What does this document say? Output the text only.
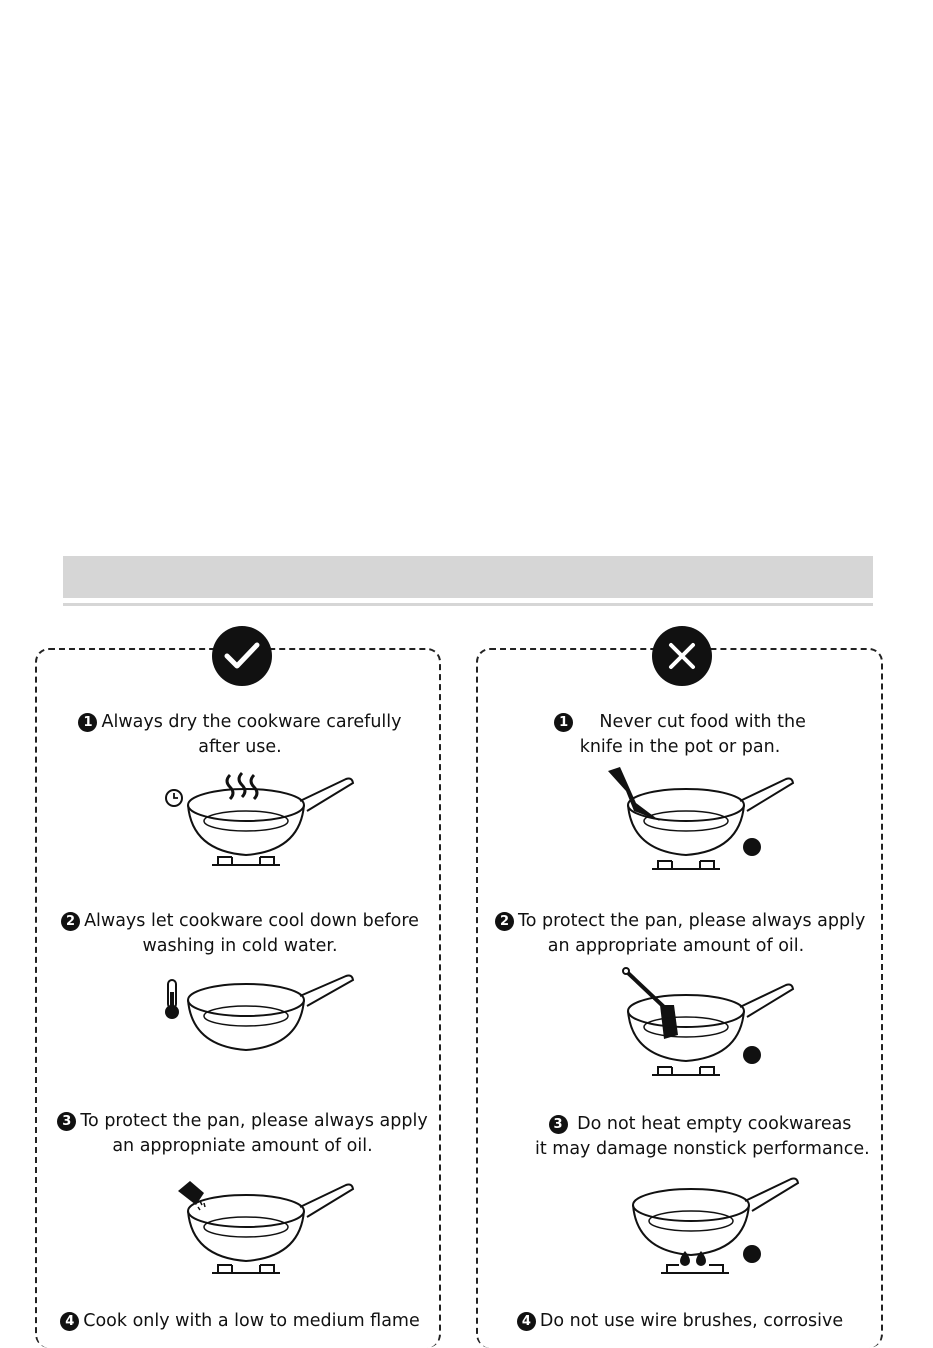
1 Always dry the cookware carefully
after use.
2 Always let cookware cool down before
washing in cold water.
3 To protect the pan, please always apply
an appropniate amount of oil.
4 Cook only with a low to medium flame
1 Never cut food with the
knife in the pot or pan.
2 To protect the pan, please always apply
an appropriate amount of oil.
3 Do not heat empty cookwareas
it may damage nonstick performance.
4 Do not use wire brushes, corrosive
